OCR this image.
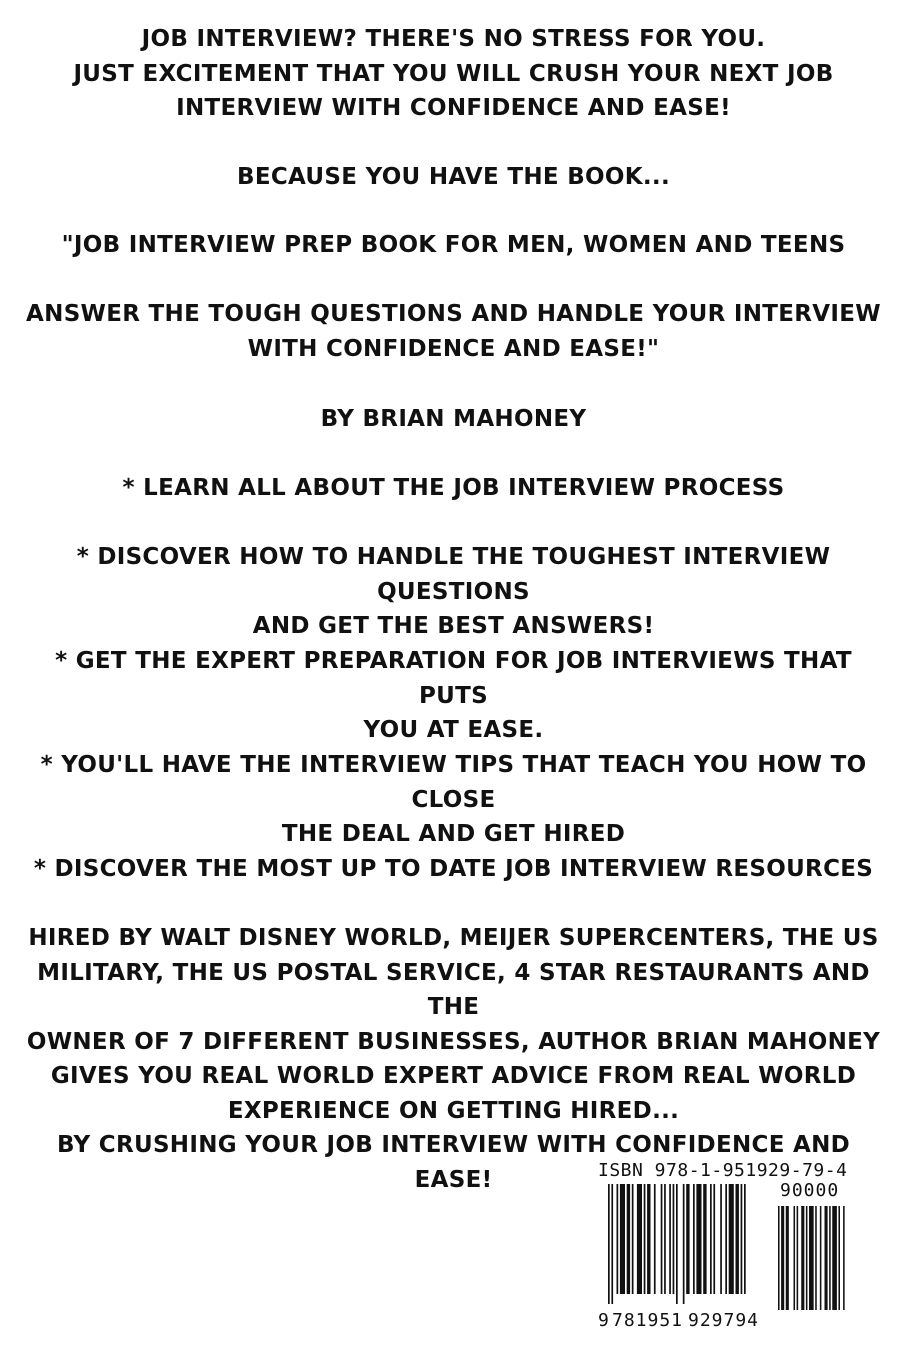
JOB INTERVIEW? THERE'S NO STRESS FOR YOU.
JUST EXCITEMENT THAT YOU WILL CRUSH YOUR NEXT JOB
INTERVIEW WITH CONFIDENCE AND EASE!
BECAUSE YOU HAVE THE BOOK...
"JOB INTERVIEW PREP BOOK FOR MEN, WOMEN AND TEENS
ANSWER THE TOUGH QUESTIONS AND HANDLE YOUR INTERVIEW
WITH CONFIDENCE AND EASE!"
BY BRIAN MAHONEY
* LEARN ALL ABOUT THE JOB INTERVIEW PROCESS
* DISCOVER HOW TO HANDLE THE TOUGHEST INTERVIEW QUESTIONS
AND GET THE BEST ANSWERS!
* GET THE EXPERT PREPARATION FOR JOB INTERVIEWS THAT PUTS
YOU AT EASE.
* YOU'LL HAVE THE INTERVIEW TIPS THAT TEACH YOU HOW TO CLOSE
THE DEAL AND GET HIRED
* DISCOVER THE MOST UP TO DATE JOB INTERVIEW RESOURCES
HIRED BY WALT DISNEY WORLD, MEIJER SUPERCENTERS, THE US
MILITARY, THE US POSTAL SERVICE, 4 STAR RESTAURANTS AND THE
OWNER OF 7 DIFFERENT BUSINESSES, AUTHOR BRIAN MAHONEY
GIVES YOU REAL WORLD EXPERT ADVICE FROM REAL WORLD
EXPERIENCE ON GETTING HIRED...
BY CRUSHING YOUR JOB INTERVIEW WITH CONFIDENCE AND EASE!	ISBN 978-1-951929-79-4
90000
9 781951 929794
